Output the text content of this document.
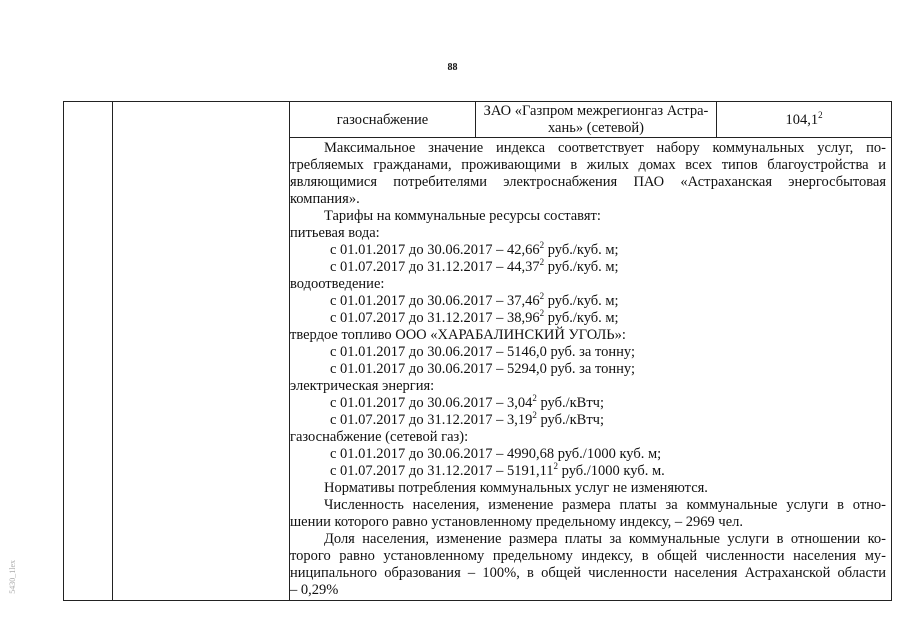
88
газоснабжение
ЗАО «Газпром межрегионгаз Астра-
хань» (сетевой)	104,1$^2$
Максимальное значение индекса соответствует набору коммунальных услуг, по-
требляемых гражданами, проживающими в жилых домах всех типов благоустройства и
являющимися потребителями электроснабжения ПАО «Астраханская энергосбытовая
компания».
Тарифы на коммунальные ресурсы составят:
питьевая вода:
с 01.01.2017 до 30.06.2017 – 42,66$^2$ руб./куб. м;
с 01.07.2017 до 31.12.2017 – 44,37$^2$ руб./куб. м;
водоотведение:
с 01.01.2017 до 30.06.2017 – 37,46$^2$ руб./куб. м;
с 01.07.2017 до 31.12.2017 – 38,96$^2$ руб./куб. м;
твердое топливо ООО «ХАРАБАЛИНСКИЙ УГОЛЬ»:
с 01.01.2017 до 30.06.2017 – 5146,0 руб. за тонну;
с 01.01.2017 до 30.06.2017 – 5294,0 руб. за тонну;
электрическая энергия:
с 01.01.2017 до 30.06.2017 – 3,04$^2$ руб./кВтч;
с 01.07.2017 до 31.12.2017 – 3,19$^2$ руб./кВтч;
газоснабжение (сетевой газ):
с 01.01.2017 до 30.06.2017 – 4990,68 руб./1000 куб. м;
с 01.07.2017 до 31.12.2017 – 5191,11$^2$ руб./1000 куб. м.
Нормативы потребления коммунальных услуг не изменяются.
Численность населения, изменение размера платы за коммунальные услуги в отно-
шении которого равно установленному предельному индексу, – 2969 чел.
Доля населения, изменение размера платы за коммунальные услуги в отношении ко-
торого равно установленному предельному индексу, в общей численности населения му-
ниципального образования – 100%, в общей численности населения Астраханской области
– 0,29%
5430_1lex
